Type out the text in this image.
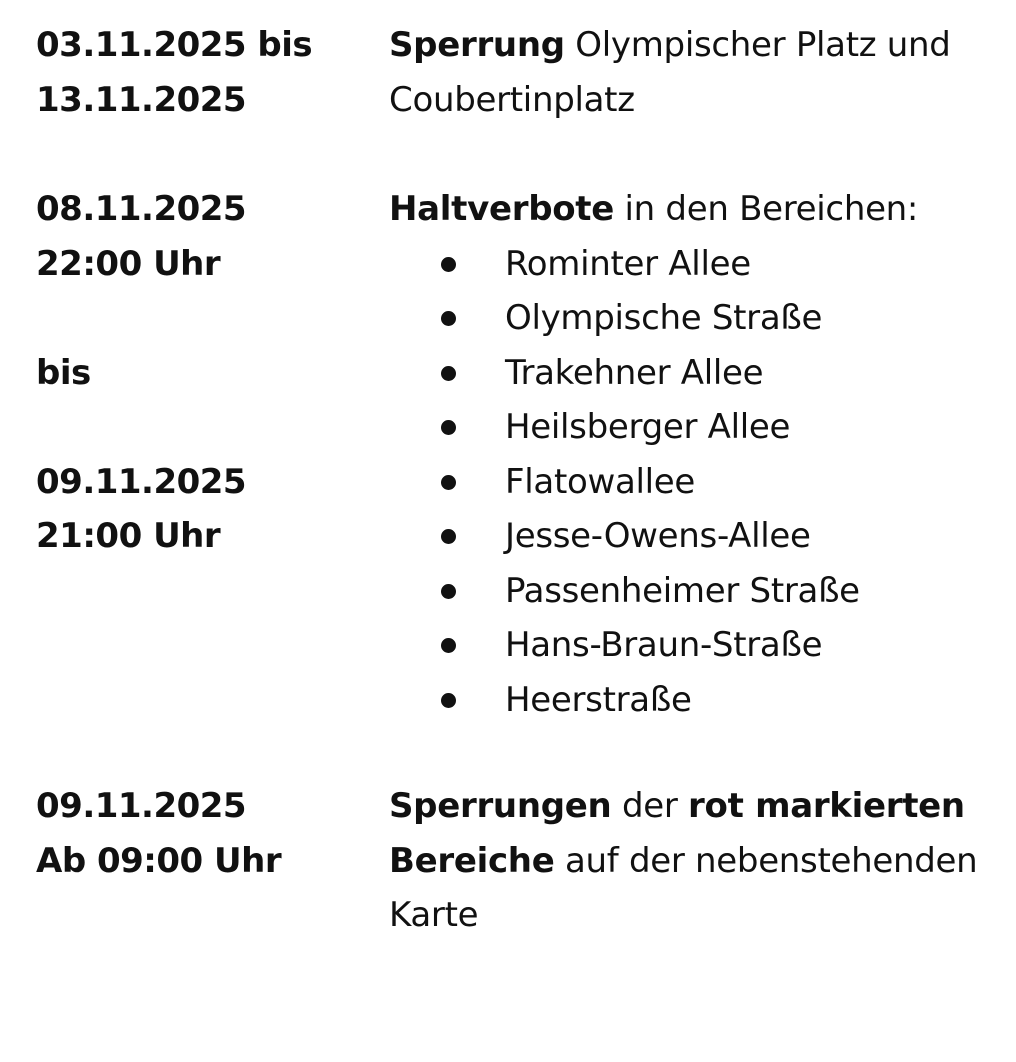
03.11.2025 bis
13.11.2025
Sperrung Olympischer Platz und
Coubertinplatz
08.11.2025
22:00 Uhr

bis

09.11.2025
21:00 Uhr
Haltverbote in den Bereichen:
Rominter Allee
Olympische Straße
Trakehner Allee
Heilsberger Allee
Flatowallee
Jesse-Owens-Allee
Passenheimer Straße
Hans-Braun-Straße
Heerstraße
09.11.2025
Ab 09:00 Uhr
Sperrungen der rot markierten
Bereiche auf der nebenstehenden
Karte
